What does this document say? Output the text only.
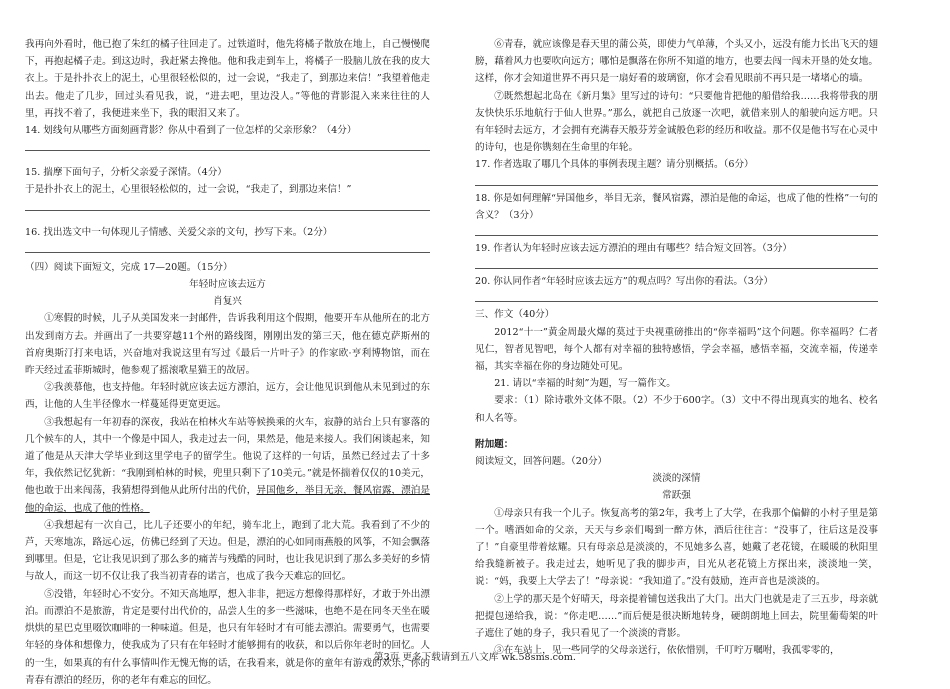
我再向外看时，他已抱了朱红的橘子往回走了。过铁道时，他先将橘子散放在地上，自己慢慢爬下，再抱起橘子走。到这边时，我赶紧去搀他。他和我走到车上，将橘子一股脑儿放在我的皮大衣上。于是扑扑衣上的泥土，心里很轻松似的，过一会说，“我走了，到那边来信！”我望着他走出去。他走了几步，回过头看见我，说，“进去吧，里边没人。”等他的背影混入来来往往的人里，再找不着了，我便进来坐下，我的眼泪又来了。

14. 划线句从哪些方面刻画背影？你从中看到了一位怎样的父亲形象？（4分）

15. 揣摩下面句子，分析父亲爱子深情。（4分）

于是扑扑衣上的泥土，心里很轻松似的，过一会说，“我走了，到那边来信！”

16. 找出选文中一句体现儿子情感、关爱父亲的文句，抄写下来。（2分）

（四）阅读下面短文，完成 17—20题。（15分）

年轻时应该去远方

肖复兴

①寒假的时候，儿子从美国发来一封邮件，告诉我利用这个假期，他要开车从他所在的北方出发到南方去。并画出了一共要穿越11个州的路线图，刚刚出发的第三天，他在德克萨斯州的首府奥斯汀打来电话，兴奋地对我说这里有写过《最后一片叶子》的作家欧·亨利博物馆，而在昨天经过孟菲斯城时，他参观了摇滚歌星猫王的故居。

②我羡慕他，也支持他。年轻时就应该去远方漂泊，远方，会让他见识到他从未见到过的东西，让他的人生半径像水一样蔓延得更宽更远。

③我想起有一年初春的深夜，我站在柏林火车站等候换乘的火车，寂静的站台上只有寥落的几个候车的人，其中一个像是中国人，我走过去一问，果然是，他是来接人。我们闲谈起来，知道了他是从天津大学毕业到这里学电子的留学生。他说了这样的一句话，虽然已经过去了十多年，我依然记忆犹新：“我刚到柏林的时候，兜里只剩下了10美元。”就是怀揣着仅仅的10美元，他也敢于出来闯荡，我猜想得到他从此所付出的代价，异国他乡，举目无亲，餐风宿露，漂泊是他的命运，也成了他的性格。

④我想起有一次自己，比儿子还要小的年纪，骑车北上，跑到了北大荒。我看到了不少的芦，天寒地冻，路远心远，仿佛已经到了天边。但是，漂泊的心如同雨燕般的风筝，不知会飘落到哪里。但是，它让我见识到了那么多的痛苦与残酷的同时，也让我见识到了那么多美好的乡情与故人，而这一切不仅让我了我当初青春的诺言，也成了我今天难忘的回忆。

⑤没错，年轻时心不安分。不知天高地厚，想入非非，把远方想像得那样好，才敢于外出漂泊。而漂泊不是旅游，肯定是要付出代价的，品尝人生的多一些滋味，也绝不是在同冬天坐在暖烘烘的星巴克里啜饮咖啡的一种味道。但是，也只有年轻时才有可能去漂泊。需要勇气，也需要年轻的身体和想像力，使我成为了只有在年轻时才能够拥有的收获，和以后你年老时的回忆。人的一生，如果真的有什么事情叫作无愧无悔的话，在我看来，就是你的童年有游戏的欢乐，你的青春有漂泊的经历，你的老年有难忘的回忆。

⑥青春，就应该像是春天里的蒲公英，即使力气单薄，个头又小，远没有能力长出飞天的翅膀，藉着风力也要吹向远方；哪怕是飘落在你所不知道的地方，也要去闯一闯未开垦的处女地。这样，你才会知道世界不再只是一扇好看的玻璃窗，你才会看见眼前不再只是一堵堵心的墙。

⑦既然想起北岛在《新月集》里写过的诗句：“只要他肯把他的船借给我……我将带我的朋友快快乐乐地航行于仙人世界。”那么，就把自己放逐一次吧，就借来别人的船驶向远方吧。只有年轻时去远方，才会拥有充满春天般芬芳金诚般色彩的经历和收益。那不仅是他书写在心灵中的诗句，也是你镌刻在生命里的年轮。

17. 作者选取了哪几个具体的事例表现主题？请分别概括。（6分）

18. 你是如何理解“异国他乡，举目无亲，餐风宿露，漂泊是他的命运，也成了他的性格”一句的含义？（3分）

19. 作者认为年轻时应该去远方漂泊的理由有哪些？结合短文回答。（3分）

20. 你认同作者“年轻时应该去远方”的观点吗？写出你的看法。（3分）

三、作文（40分）

2012“十一”黄金周最火爆的莫过于央视重磅推出的“你幸福吗”这个问题。你幸福吗？仁者见仁，智者见智吧，每个人都有对幸福的独特感悟，学会幸福，感悟幸福，交流幸福，传递幸福，其实幸福在你的身边随处可见。

21. 请以“幸福的时刻”为题，写一篇作文。

要求：（1）除诗歌外文体不限。（2）不少于600字。（3）文中不得出现真实的地名、校名和人名等。

附加题：

阅读短文，回答问题。（20分）

淡淡的深情

常跃强

①母亲只有我一个儿子。恢复高考的第2年，我考上了大学，在我那个偏僻的小村子里是第一个。嗜酒如命的父亲，天天与乡亲们喝到一醉方休，酒后往往言：“没事了，往后这是没事了！”自豪里带着炫耀。只有母亲总是淡淡的，不见她多么喜，她戴了老花镜，在暖暖的秋阳里给我缝新被子。我走过去，她听见了我的脚步声，目光从老花镜上方探出来，淡淡地一笑，说：“妈，我要上大学去了！”母亲说：“我知道了。”没有鼓励，连声音也是淡淡的。

②上学的那天是个好晴天，母亲提着铺包送我出了大门。出大门也就是走了三五步，母亲就把提包递给我，说：“你走吧……”而后便是很决断地转身，硬朗朗地上回去，院里葡萄架的叶子遮住了她的身子，我只看见了一个淡淡的背影。

③在车站上，见一些同学的父母亲送行，依依惜别，千叮咛万嘱咐，我孤零零的，

第3页 更多下载请到五八文库 wk.58sms.com.
